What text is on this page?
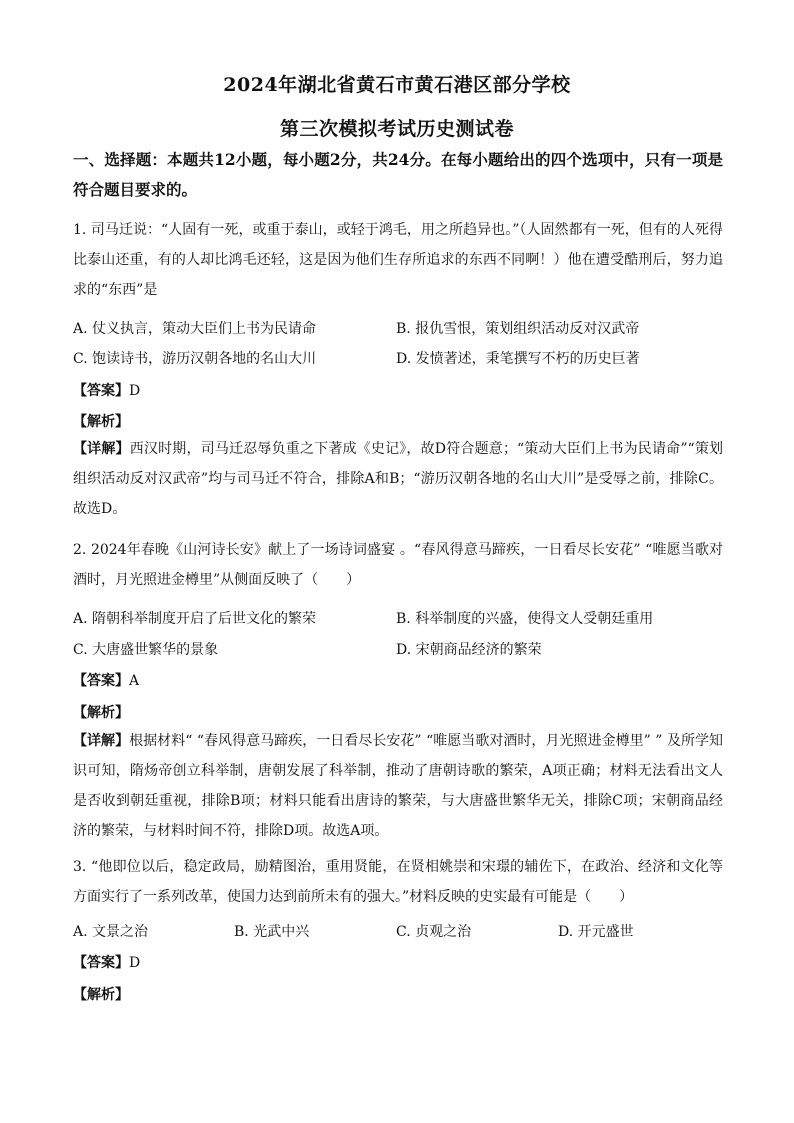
2024年湖北省黄石市黄石港区部分学校
第三次模拟考试历史测试卷
一、选择题：本题共12小题，每小题2分，共24分。在每小题给出的四个选项中，只有一项是符合题目要求的。
1. 司马迁说：“人固有一死，或重于泰山，或轻于鸿毛，用之所趋异也。”（人固然都有一死，但有的人死得比泰山还重，有的人却比鸿毛还轻，这是因为他们生存所追求的东西不同啊！）他在遭受酷刑后，努力追求的“东西”是
A. 仗义执言，策动大臣们上书为民请命	B. 报仇雪恨，策划组织活动反对汉武帝
C. 饱读诗书，游历汉朝各地的名山大川	D. 发愤著述，秉笔撰写不朽的历史巨著
【答案】D
【解析】
【详解】西汉时期，司马迁忍辱负重之下著成《史记》，故D符合题意；“策动大臣们上书为民请命”“策划组织活动反对汉武帝”均与司马迁不符合，排除A和B；“游历汉朝各地的名山大川”是受辱之前，排除C。故选D。
2. 2024年春晚《山河诗长安》献上了一场诗词盛宴 。“春风得意马蹄疾，一日看尽长安花” “唯愿当歌对酒时，月光照进金樽里”从侧面反映了（　　）
A. 隋朝科举制度开启了后世文化的繁荣	B. 科举制度的兴盛，使得文人受朝廷重用
C. 大唐盛世繁华的景象	D. 宋朝商品经济的繁荣
【答案】A
【解析】
【详解】根据材料“ “春风得意马蹄疾，一日看尽长安花” “唯愿当歌对酒时，月光照进金樽里” ” 及所学知识可知，隋炀帝创立科举制，唐朝发展了科举制，推动了唐朝诗歌的繁荣，A项正确；材料无法看出文人是否收到朝廷重视，排除B项；材料只能看出唐诗的繁荣，与大唐盛世繁华无关，排除C项；宋朝商品经济的繁荣，与材料时间不符，排除D项。故选A项。
3. “他即位以后，稳定政局，励精图治，重用贤能，在贤相姚崇和宋璟的辅佐下，在政治、经济和文化等方面实行了一系列改革，使国力达到前所未有的强大。”材料反映的史实最有可能是（　　）
A. 文景之治	B. 光武中兴	C. 贞观之治	D. 开元盛世
【答案】D
【解析】
